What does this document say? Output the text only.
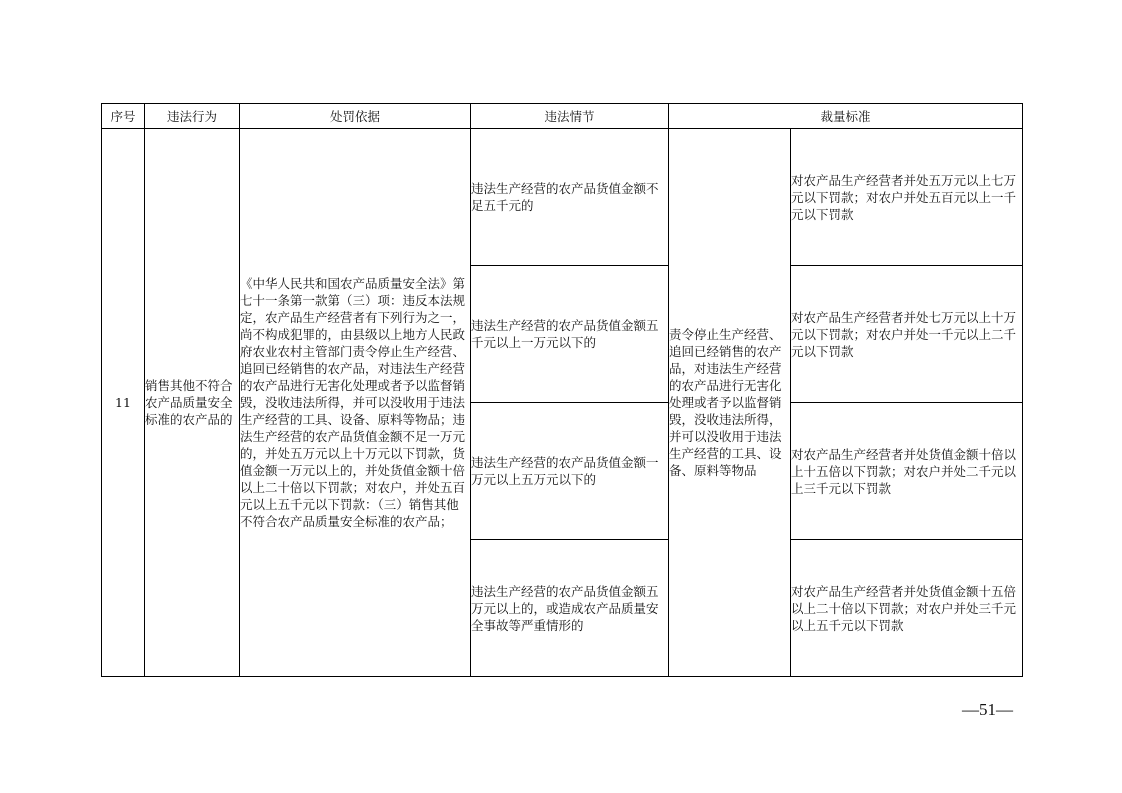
序号	违法行为	处罚依据	违法情节	裁量标准	
11	销售其他不符合农产品质量安全标准的农产品的	《中华人民共和国农产品质量安全法》第七十一条第一款第（三）项：违反本法规定，农产品生产经营者有下列行为之一，尚不构成犯罪的，由县级以上地方人民政府农业农村主管部门责令停止生产经营、追回已经销售的农产品，对违法生产经营的农产品进行无害化处理或者予以监督销毁，没收违法所得，并可以没收用于违法生产经营的工具、设备、原料等物品；违法生产经营的农产品货值金额不足一万元的，并处五万元以上十万元以下罚款，货值金额一万元以上的，并处货值金额十倍以上二十倍以下罚款；对农户，并处五百元以上五千元以下罚款：（三）销售其他不符合农产品质量安全标准的农产品；	违法生产经营的农产品货值金额不足五千元的	责令停止生产经营、追回已经销售的农产品，对违法生产经营的农产品进行无害化处理或者予以监督销毁，没收违法所得，并可以没收用于违法生产经营的工具、设备、原料等物品	对农产品生产经营者并处五万元以上七万元以下罚款；对农户并处五百元以上一千元以下罚款
			违法生产经营的农产品货值金额五千元以上一万元以下的		对农产品生产经营者并处七万元以上十万元以下罚款；对农户并处一千元以上二千元以下罚款
			违法生产经营的农产品货值金额一万元以上五万元以下的		对农产品生产经营者并处货值金额十倍以上十五倍以下罚款；对农户并处二千元以上三千元以下罚款
			违法生产经营的农产品货值金额五万元以上的，或造成农产品质量安全事故等严重情形的		对农产品生产经营者并处货值金额十五倍以上二十倍以下罚款；对农户并处三千元以上五千元以下罚款
—51—
